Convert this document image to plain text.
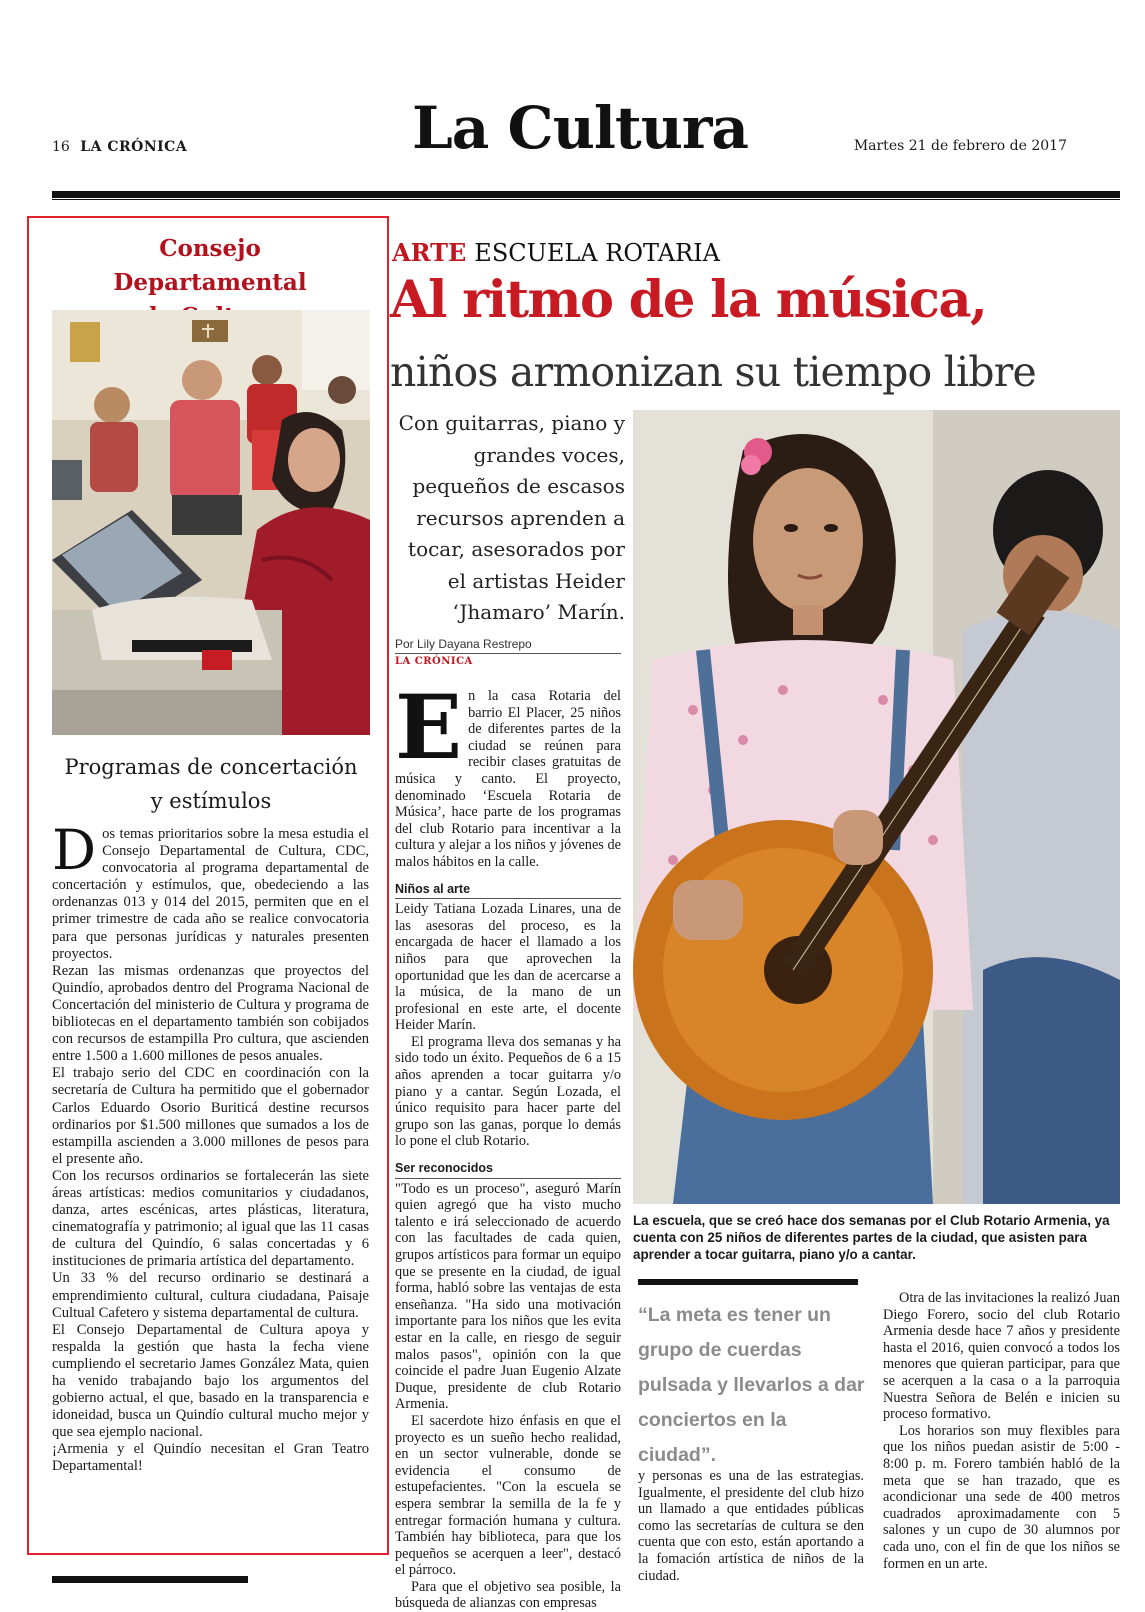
16 LA CRÓNICA	La Cultura	Martes 21 de febrero de 2017
Consejo Departamental
Programas de concertación
y estímulos

Dos temas prioritarios sobre la mesa estudia el Consejo Departamental de Cultura, CDC, convocatoria al programa departamental de concertación y estímulos, que, obedeciendo a las ordenanzas 013 y 014 del 2015, permiten que en el primer trimestre de cada año se realice convocatoria para que personas jurídicas y naturales presenten proyectos.

Rezan las mismas ordenanzas que proyectos del Quindío, aprobados dentro del Programa Nacional de Concertación del ministerio de Cultura y programa de bibliotecas en el departamento también son cobijados con recursos de estampilla Pro cultura, que ascienden entre 1.500 a 1.600 millones de pesos anuales.

El trabajo serio del CDC en coordinación con la secretaría de Cultura ha permitido que el gobernador Carlos Eduardo Osorio Buriticá destine recursos ordinarios por $1.500 millones que sumados a los de estampilla ascienden a 3.000 millones de pesos para el presente año.

Con los recursos ordinarios se fortalecerán las siete áreas artísticas: medios comunitarios y ciudadanos, danza, artes escénicas, artes plásticas, literatura, cinematografía y patrimonio; al igual que las 11 casas de cultura del Quindío, 6 salas concertadas y 6 instituciones de primaria artística del departamento.

Un 33 % del recurso ordinario se destinará a emprendimiento cultural, cultura ciudadana, Paisaje Cultual Cafetero y sistema departamental de cultura.

El Consejo Departamental de Cultura apoya y respalda la gestión que hasta la fecha viene cumpliendo el secretario James González Mata, quien ha venido trabajando bajo los argumentos del gobierno actual, el que, basado en la transparencia e idoneidad, busca un Quindío cultural mucho mejor y que sea ejemplo nacional.

¡Armenia y el Quindío necesitan el Gran Teatro Departamental!

ARTE ESCUELA ROTARIA
Al ritmo de la música,
niños armonizan su tiempo libre
Con guitarras, piano y grandes voces, pequeños de escasos recursos aprenden a tocar, asesorados por el artistas Heider ‘Jhamaro’ Marín.
Por Lily Dayana Restrepo
LA CRÓNICA
La escuela, que se creó hace dos semanas por el Club Rotario Armenia, ya cuenta con 25 niños de diferentes partes de la ciudad, que asisten para aprender a tocar guitarra, piano y/o a cantar.

En la casa Rotaria del barrio El Placer, 25 niños de diferentes partes de la ciudad se reúnen para recibir clases gratuitas de música y canto. El proyecto, denominado ‘Escuela Rotaria de Música’, hace parte de los programas del club Rotario para incentivar a la cultura y alejar a los niños y jóvenes de malos hábitos en la calle.

Niños al arte

Leidy Tatiana Lozada Linares, una de las asesoras del proceso, es la encargada de hacer el llamado a los niños para que aprovechen la oportunidad que les dan de acercarse a la música, de la mano de un profesional en este arte, el docente Heider Marín.

El programa lleva dos semanas y ha sido todo un éxito. Pequeños de 6 a 15 años aprenden a tocar guitarra y/o piano y a cantar. Según Lozada, el único requisito para hacer parte del grupo son las ganas, porque lo demás lo pone el club Rotario.

Ser reconocidos

"Todo es un proceso", aseguró Marín quien agregó que ha visto mucho talento e irá seleccionado de acuerdo con las facultades de cada quien, grupos artísticos para formar un equipo que se presente en la ciudad, de igual forma, habló sobre las ventajas de esta enseñanza. "Ha sido una motivación importante para los niños que les evita estar en la calle, en riesgo de seguir malos pasos", opinión con la que coincide el padre Juan Eugenio Alzate Duque, presidente de club Rotario Armenia.

El sacerdote hizo énfasis en que el proyecto es un sueño hecho realidad, en un sector vulnerable, donde se evidencia el consumo de estupefacientes. "Con la escuela se espera sembrar la semilla de la fe y entregar formación humana y cultura. También hay biblioteca, para que los pequeños se acerquen a leer", destacó el párroco.

Para que el objetivo sea posible, la búsqueda de alianzas con empresas

“La meta es tener un grupo de cuerdas pulsada y llevarlos a dar conciertos en la ciudad”.

y personas es una de las estrategias. Igualmente, el presidente del club hizo un llamado a que entidades públicas como las secretarías de cultura se den cuenta que con esto, están aportando a la fomación artística de niños de la ciudad.

Otra de las invitaciones la realizó Juan Diego Forero, socio del club Rotario Armenia desde hace 7 años y presidente hasta el 2016, quien convocó a todos los menores que quieran participar, para que se acerquen a la casa o a la parroquia Nuestra Señora de Belén e inicien su proceso formativo.

Los horarios son muy flexibles para que los niños puedan asistir de 5:00 - 8:00 p. m. Forero también habló de la meta que se han trazado, que es acondicionar una sede de 400 metros cuadrados aproximadamente con 5 salones y un cupo de 30 alumnos por cada uno, con el fin de que los niños se formen en un arte.
